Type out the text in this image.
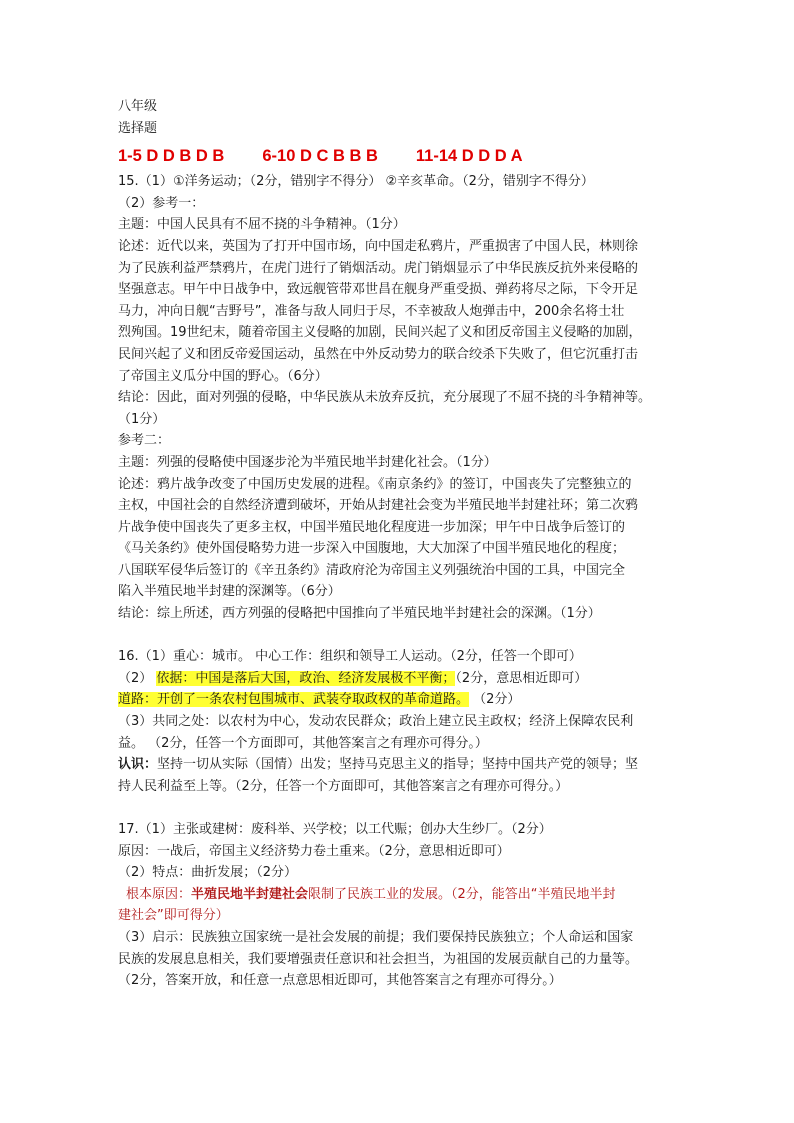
八年级
选择题
1-5 D D B D B 6-10 D C B B B 11-14 D D D A
15.（1）①洋务运动；（2分，错别字不得分） ②辛亥革命。（2分，错别字不得分）
（2）参考一：
主题：中国人民具有不屈不挠的斗争精神。（1分）
论述：近代以来，英国为了打开中国市场，向中国走私鸦片，严重损害了中国人民，林则徐
为了民族利益严禁鸦片，在虎门进行了销烟活动。虎门销烟显示了中华民族反抗外来侵略的
坚强意志。甲午中日战争中，致远舰管带邓世昌在舰身严重受损、弹药将尽之际，下令开足
马力，冲向日舰“吉野号”，准备与敌人同归于尽，不幸被敌人炮弹击中，200余名将士壮
烈殉国。19世纪末，随着帝国主义侵略的加剧，民间兴起了义和团反帝国主义侵略的加剧，
民间兴起了义和团反帝爱国运动，虽然在中外反动势力的联合绞杀下失败了，但它沉重打击
了帝国主义瓜分中国的野心。（6分）
结论：因此，面对列强的侵略，中华民族从未放弃反抗，充分展现了不屈不挠的斗争精神等。
（1分）
参考二：
主题：列强的侵略使中国逐步沦为半殖民地半封建化社会。（1分）
论述：鸦片战争改变了中国历史发展的进程。《南京条约》的签订，中国丧失了完整独立的
主权，中国社会的自然经济遭到破坏，开始从封建社会变为半殖民地半封建社环；第二次鸦
片战争使中国丧失了更多主权，中国半殖民地化程度进一步加深；甲午中日战争后签订的
《马关条约》使外国侵略势力进一步深入中国腹地，大大加深了中国半殖民地化的程度；
八国联军侵华后签订的《辛丑条约》清政府沦为帝国主义列强统治中国的工具，中国完全
陷入半殖民地半封建的深渊等。（6分）
结论：综上所述，西方列强的侵略把中国推向了半殖民地半封建社会的深渊。（1分）
16.（1）重心：城市。 中心工作：组织和领导工人运动。（2分，任答一个即可）
（2） 依据：中国是落后大国，政治、经济发展极不平衡；（2分，意思相近即可）
道路：开创了一条农村包围城市、武装夺取政权的革命道路。 （2分）
（3）共同之处：以农村为中心，发动农民群众；政治上建立民主政权；经济上保障农民利
益。 （2分，任答一个方面即可，其他答案言之有理亦可得分。）
认识：坚持一切从实际（国情）出发；坚持马克思主义的指导；坚持中国共产党的领导；坚
持人民利益至上等。（2分，任答一个方面即可，其他答案言之有理亦可得分。）
17.（1）主张或建树：废科举、兴学校；以工代赈；创办大生纱厂。（2分）
原因：一战后，帝国主义经济势力卷土重来。（2分，意思相近即可）
（2）特点：曲折发展；（2分）
根本原因：半殖民地半封建社会限制了民族工业的发展。（2分，能答出“半殖民地半封
建社会”即可得分）
（3）启示：民族独立国家统一是社会发展的前提；我们要保持民族独立；个人命运和国家
民族的发展息息相关，我们要增强责任意识和社会担当，为祖国的发展贡献自己的力量等。
（2分，答案开放，和任意一点意思相近即可，其他答案言之有理亦可得分。）
